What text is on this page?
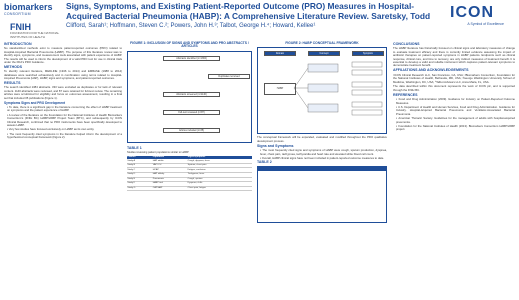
biomarkers
CONSORTIUM
FNIH
FOUNDATION FOR THE NATIONAL INSTITUTES OF HEALTH
Signs, Symptoms, and Existing Patient-Reported Outcome (PRO) Measures in Hospital-Acquired Bacterial Pneumonia (HABP): A Comprehensive Literature Review. Saretsky, Todd
Clifford, Sarah¹; Hoffmann, Steven C.²; Powers, John H.³; Talbot, George H.⁴; Howard, Kellee¹
ICON
A Symbol of Excellence
INTRODUCTION

No standardized methods exist to measure patient-reported outcomes (PRO) related to Hospital-Acquired Bacterial Pneumonia (HABP). The purpose of this literature review was to identify signs, symptoms, and measurement tools associated with patient experience of HABP. The results will be used to inform the development of a valid PRO tool for use in clinical trials under the FDA's PRO Guidance.

METHODS

To identify relevant literature, MEDLINE (1946 to 2014) and EMBASE (1988 to 2014) databases were searched exhaustively and in combination using terms related to Hospital-Acquired Pneumonia (HAP), HABP, signs and symptoms, and patient-reported outcomes.

RESULTS

The search identified 1384 abstracts. 333 were excluded as duplicates or for lack of relevant content. 1140 abstracts were reviewed, and 87 were retained for full-text review. The remaining articles were scrutinized for eligibility and focus on outcomes assessment, resulting in a final set that included 35 publications (Figure 1).

Symptoms Signs and PRO Development

▪ To date, there is a significant gap in the literature concerning the effect of HABP treatment on symptoms and the patient experience of HABP.

▪ A review of the literature on the Foundation for the National Institutes of Health Biomarkers Consortium's (FNIH BC) HABP/VABP Project Team (BTC), and subsequently by ICON Clinical Research, confirmed that no PRO instruments have been specifically developed to assess HABP.

▪ Very few studies have focused exclusively on HABP as its own entity.

▪ The most frequently cited symptoms in the literature helped inform the development of a hypothesized conceptual framework (Figure 2).

FIGURE 1: INCLUSION OF SIGNS AND SYMPTOMS AND PRO ABSTRACTS / ARTICLES
Abstracts identified (n=1384)
Duplicates removed
Abstracts screened (n=1140)
Full-text reviewed (n=87)
Articles included (n=35)
TABLE 1
Studies reviewing patient populations similar to HABP
Citation	Population	Signs/Symptoms
Study A	HAP adults	Cough, dyspnea, fever
Study B	VAP ICU	Sputum, chest pain
Study C	HCAP	Fatigue, confusion
Study D	HAP elderly	Tachypnea, fever
Study E	Pneumonia	Cough, sputum
Study F	HABP trial	Dyspnea, chills
Study G	CAP/HAP	Chest pain, fatigue
FIGURE 2: HABP CONCEPTUAL FRAMEWORK
Domain	Concept	Symptom
HABP

The conceptual framework will be expanded, evaluated and modified throughout the PRO qualitative development process.

Signs and Symptoms

▪ The most frequently cited signs and symptoms of HABP were cough, sputum production, dyspnea, fever, chest pain, tachypnea, tachycardia and heart rate and elevated white blood cell count.

▪ Overall, HABP clinical signs have not been included in patient-reported outcome measures to date.

TABLE 2
CONCLUSIONS

The HABP literature has historically focused on clinical signs and laboratory measures of change to evaluate treatment efficacy and there is currently limited evidence assessing the impact of antibiotic therapies on patient-reported symptoms in HABP patients. Endpoints such as clinical response, clinical cure, and time to recovery, are only indirect measures of treatment benefit. It is essential to develop a valid and reliable instrument which captures patient-relevant symptoms to demonstrate treatment benefit.

AFFILIATIONS AND ACKNOWLEDGEMENTS

¹ICON Clinical Research LLC, San Francisco, CA, USA; ²Biomarkers Consortium, Foundation for the National Institutes of Health, Bethesda, MD, USA; ³George Washington University School of Medicine, Washington, DC, USA; ⁴Talbot Advisors LLC, Anna Maria, FL, USA.

The data described within this document represents the work of ICON plc, and is supported through the FNIH BC.

REFERENCES

▪ Food and Drug Administration (2009). Guidance for Industry on Patient-Reported Outcome Measures.

▪ U.S. Department of Health and Human Services, Food and Drug Administration. Guidance for Industry. Hospital-Acquired Bacterial Pneumonia and Ventilator-Associated Bacterial Pneumonia.

▪ American Thoracic Society. Guidelines for the management of adults with hospital-acquired pneumonia.

▪ Foundation for the National Institutes of Health (2013). Biomarkers Consortium HABP/VABP project.
